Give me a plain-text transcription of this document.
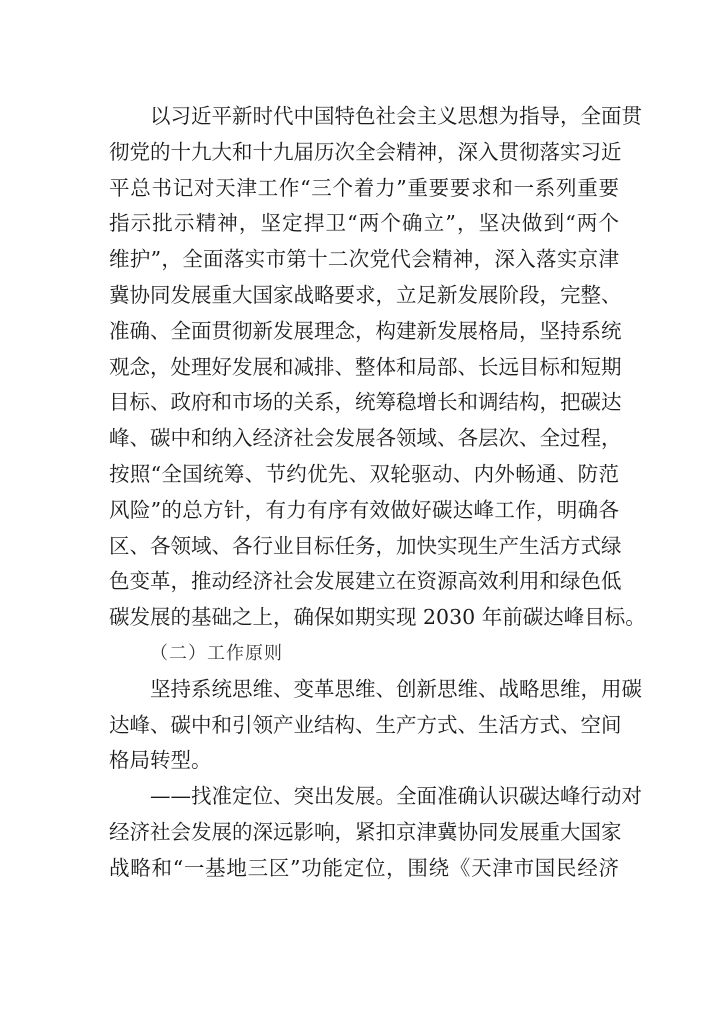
以习近平新时代中国特色社会主义思想为指导，全面贯
彻党的十九大和十九届历次全会精神，深入贯彻落实习近
平总书记对天津工作“三个着力”重要要求和一系列重要
指示批示精神，坚定捍卫“两个确立”，坚决做到“两个
维护”，全面落实市第十二次党代会精神，深入落实京津
冀协同发展重大国家战略要求，立足新发展阶段，完整、
准确、全面贯彻新发展理念，构建新发展格局，坚持系统
观念，处理好发展和减排、整体和局部、长远目标和短期
目标、政府和市场的关系，统筹稳增长和调结构，把碳达
峰、碳中和纳入经济社会发展各领域、各层次、全过程，
按照“全国统筹、节约优先、双轮驱动、内外畅通、防范
风险”的总方针，有力有序有效做好碳达峰工作，明确各
区、各领域、各行业目标任务，加快实现生产生活方式绿
色变革，推动经济社会发展建立在资源高效利用和绿色低
碳发展的基础之上，确保如期实现 2030 年前碳达峰目标。
（二）工作原则
坚持系统思维、变革思维、创新思维、战略思维，用碳
达峰、碳中和引领产业结构、生产方式、生活方式、空间
格局转型。
——找准定位、突出发展。全面准确认识碳达峰行动对
经济社会发展的深远影响，紧扣京津冀协同发展重大国家
战略和“一基地三区”功能定位，围绕《天津市国民经济
